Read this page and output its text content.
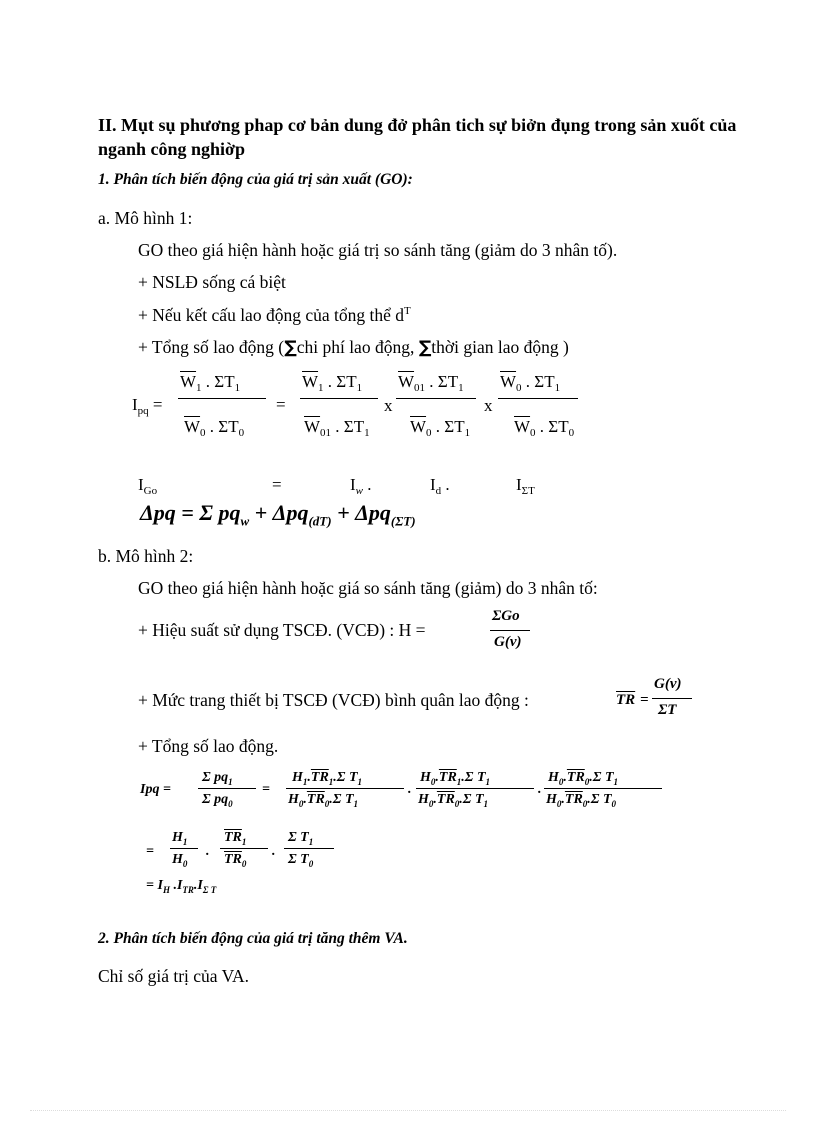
II. Mụt sụ phương phap cơ bản dung đở phân tich sự biởn đụng trong sản xuốt của nganh công nghiờp
1. Phân tích biến động của giá trị sản xuất (GO):
a. Mô hình 1:
GO theo giá hiện hành hoặc giá trị so sánh tăng (giảm do 3 nhân tố).
+ NSLĐ sống cá biệt
+ Nếu kết cấu lao động của tổng thể $d^T$
+ Tổng số lao động (∑chi phí lao động, ∑thời gian lao động )
$I_{pq}$ =
$\overline{W}_1$ . $\Sigma T_1$
$\overline{W}_0$ . $\Sigma T_0$
=
$\overline{W}_1$ . $\Sigma T_1$
$\overline{W}_{01}$ . $\Sigma T_1$
x
$\overline{W}_{01}$ . $\Sigma T_1$
$\overline{W}_0$ . $\Sigma T_1$
x
$\overline{W}_0$ . $\Sigma T_1$
$\overline{W}_0$ . $\Sigma T_0$
$I_{Go}$	=	$I_w$ .	$I_d$ .	$I_{\Sigma T}$
Δpq = Σ $pq_w + \Delta pq_{(dT)} + \Delta pq_{(\Sigma T)}$
b. Mô hình 2:
GO theo giá hiện hành hoặc giá so sánh tăng (giảm) do 3 nhân tố:
+ Hiệu suất sử dụng TSCĐ. (VCĐ) : H =
ΣGo
G(v)
+ Mức trang thiết bị TSCĐ (VCĐ) bình quân lao động :	$\overline{TR}$ =
G(v)
ΣT
+ Tổng số lao động.
Ipq =
Σ $pq_1$
Σ $pq_0$
=
$H_1.\overline{TR}_1.\Sigma$ $T_1$
$H_0.\overline{TR}_0.\Sigma$ $T_1$
.
$H_0.\overline{TR}_1.\Sigma$ $T_1$
$H_0.\overline{TR}_0.\Sigma$ $T_1$
.
$H_0.\overline{TR}_0.\Sigma$ $T_1$
$H_0.\overline{TR}_0.\Sigma$ $T_0$
=
$H_1$
$H_0$
.
$\overline{TR}_1$
$\overline{TR}_0$
.
Σ $T_1$
Σ $T_0$
= $I_H$ $.I_{TR}.I_{\Sigma T}$
2. Phân tích biến động của giá trị tăng thêm VA.
Chỉ số giá trị của VA.
